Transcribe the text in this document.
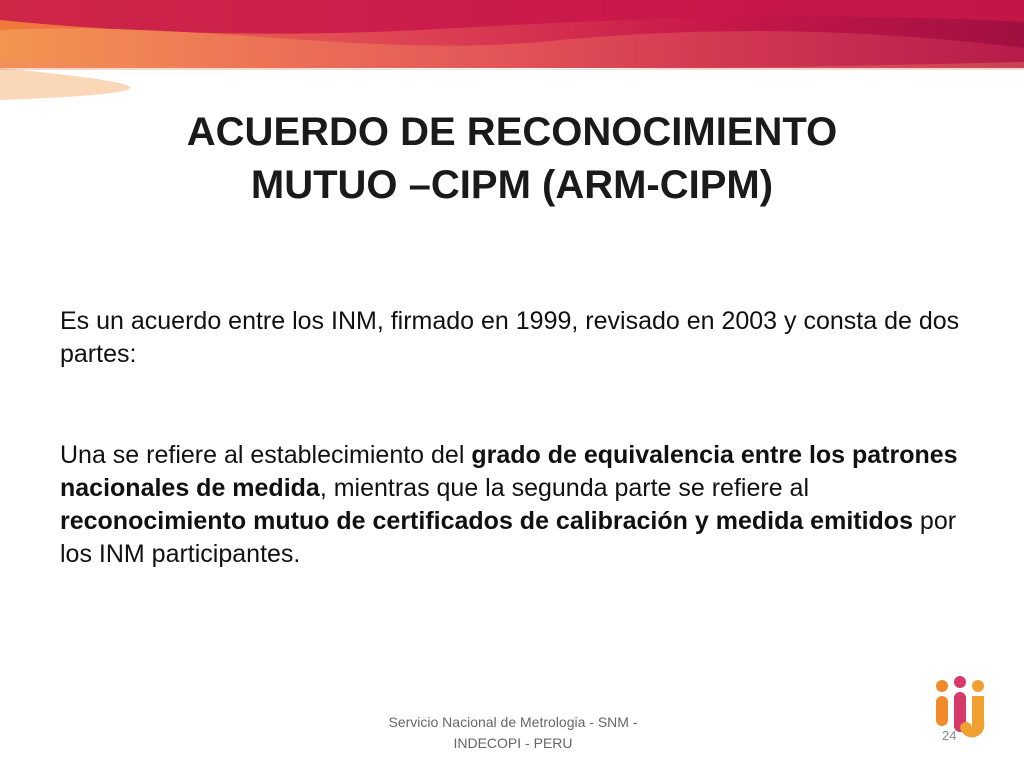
ACUERDO DE RECONOCIMIENTO
MUTUO –CIPM (ARM-CIPM)
Es un acuerdo entre los INM, firmado en 1999, revisado en 2003 y consta de dos partes:
Una se refiere al establecimiento del grado de equivalencia entre los patrones nacionales de medida, mientras que la segunda parte se refiere al reconocimiento mutuo de certificados de calibración y medida emitidos por los INM participantes.
Servicio Nacional de Metrologia - SNM -
INDECOPI - PERU	24
